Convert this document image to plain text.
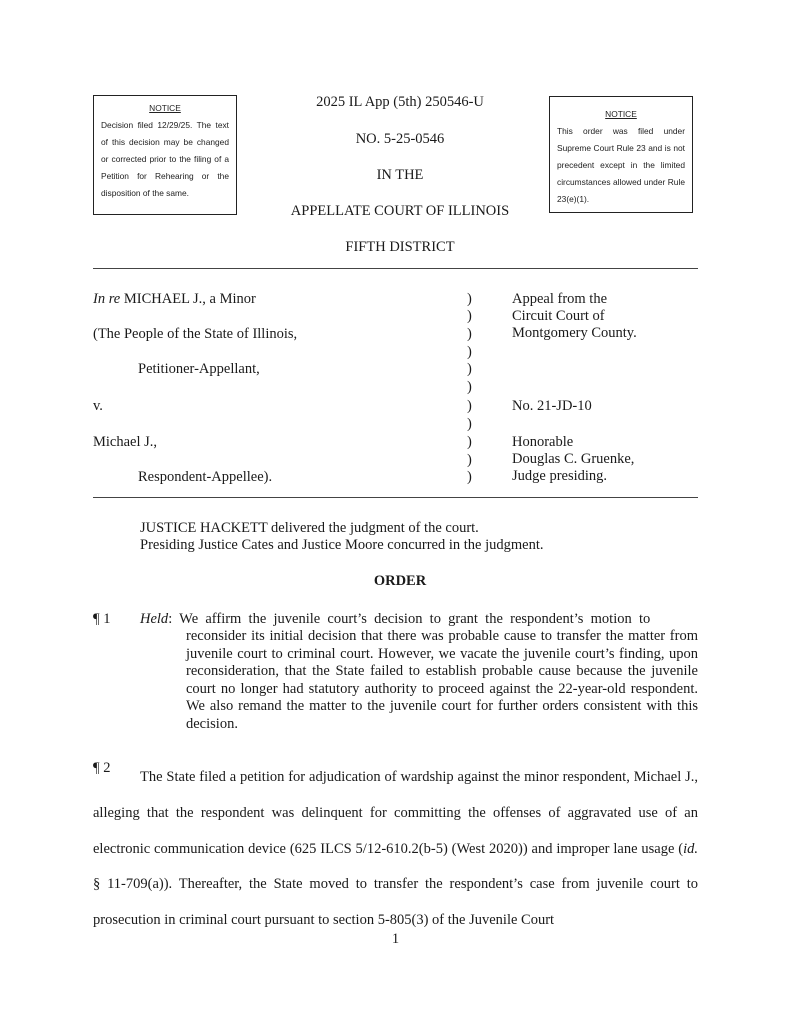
NOTICE
Decision filed 12/29/25. The text of this decision may be changed or corrected prior to the filing of a Petition for Rehearing or the disposition of the same.
NOTICE
This order was filed under Supreme Court Rule 23 and is not precedent except in the limited circumstances allowed under Rule 23(e)(1).
2025 IL App (5th) 250546-U
NO. 5-25-0546
IN THE
APPELLATE COURT OF ILLINOIS
FIFTH DISTRICT
In re MICHAEL J., a Minor
(The People of the State of Illinois,
Petitioner-Appellant,
v.
Michael J.,
Respondent-Appellee).
)
)
)
)
)
)
)
)
)
)
)
Appeal from the
Circuit Court of
Montgomery County.
No. 21-JD-10
Honorable
Douglas C. Gruenke,
Judge presiding.
JUSTICE HACKETT delivered the judgment of the court.
Presiding Justice Cates and Justice Moore concurred in the judgment.
ORDER
¶ 1 Held: We affirm the juvenile court’s decision to grant the respondent’s motion to
reconsider its initial decision that there was probable cause to transfer the matter from juvenile court to criminal court. However, we vacate the juvenile court’s finding, upon reconsideration, that the State failed to establish probable cause because the juvenile court no longer had statutory authority to proceed against the 22-year-old respondent. We also remand the matter to the juvenile court for further orders consistent with this decision.
¶ 2
The State filed a petition for adjudication of wardship against the minor respondent, Michael J., alleging that the respondent was delinquent for committing the offenses of aggravated use of an electronic communication device (625 ILCS 5/12-610.2(b-5) (West 2020)) and improper lane usage (id. § 11-709(a)). Thereafter, the State moved to transfer the respondent’s case from juvenile court to prosecution in criminal court pursuant to section 5-805(3) of the Juvenile Court
1
